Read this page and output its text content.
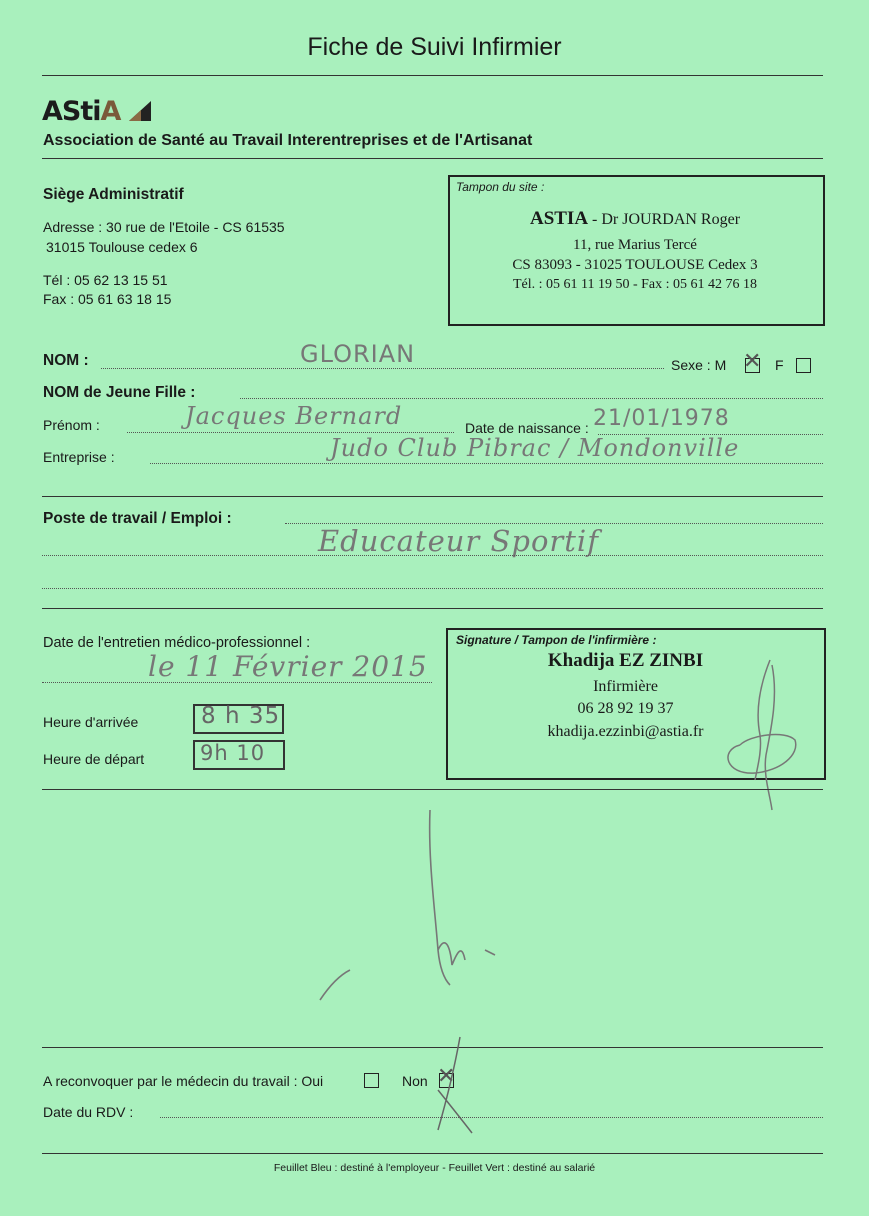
Fiche de Suivi Infirmier
AStiA
Association de Santé au Travail Interentreprises et de l'Artisanat
Siège Administratif
Adresse : 30 rue de l'Etoile - CS 61535
31015 Toulouse cedex 6
Tél : 05 62 13 15 51
Fax : 05 61 63 18 15
Tampon du site :
ASTIA - Dr JOURDAN Roger
11, rue Marius Tercé
CS 83093 - 31025 TOULOUSE Cedex 3
Tél. : 05 61 11 19 50 - Fax : 05 61 42 76 18
NOM :	GLORIAN	Sexe : M ✕ F
NOM de Jeune Fille :
Prénom :	Jacques Bernard	Date de naissance : 21/01/1978
Entreprise :	Judo Club Pibrac / Mondonville
Poste de travail / Emploi :
Educateur Sportif
Date de l'entretien médico-professionnel :
le 11 Février 2015
Heure d'arrivée	8 h 35
Heure de départ	9h 10
Signature / Tampon de l'infirmière :
Khadija EZ ZINBI
Infirmière
06 28 92 19 37
khadija.ezzinbi@astia.fr
A reconvoquer par le médecin du travail : Oui	Non ✕
Date du RDV :
Feuillet Bleu : destiné à l'employeur - Feuillet Vert : destiné au salarié
